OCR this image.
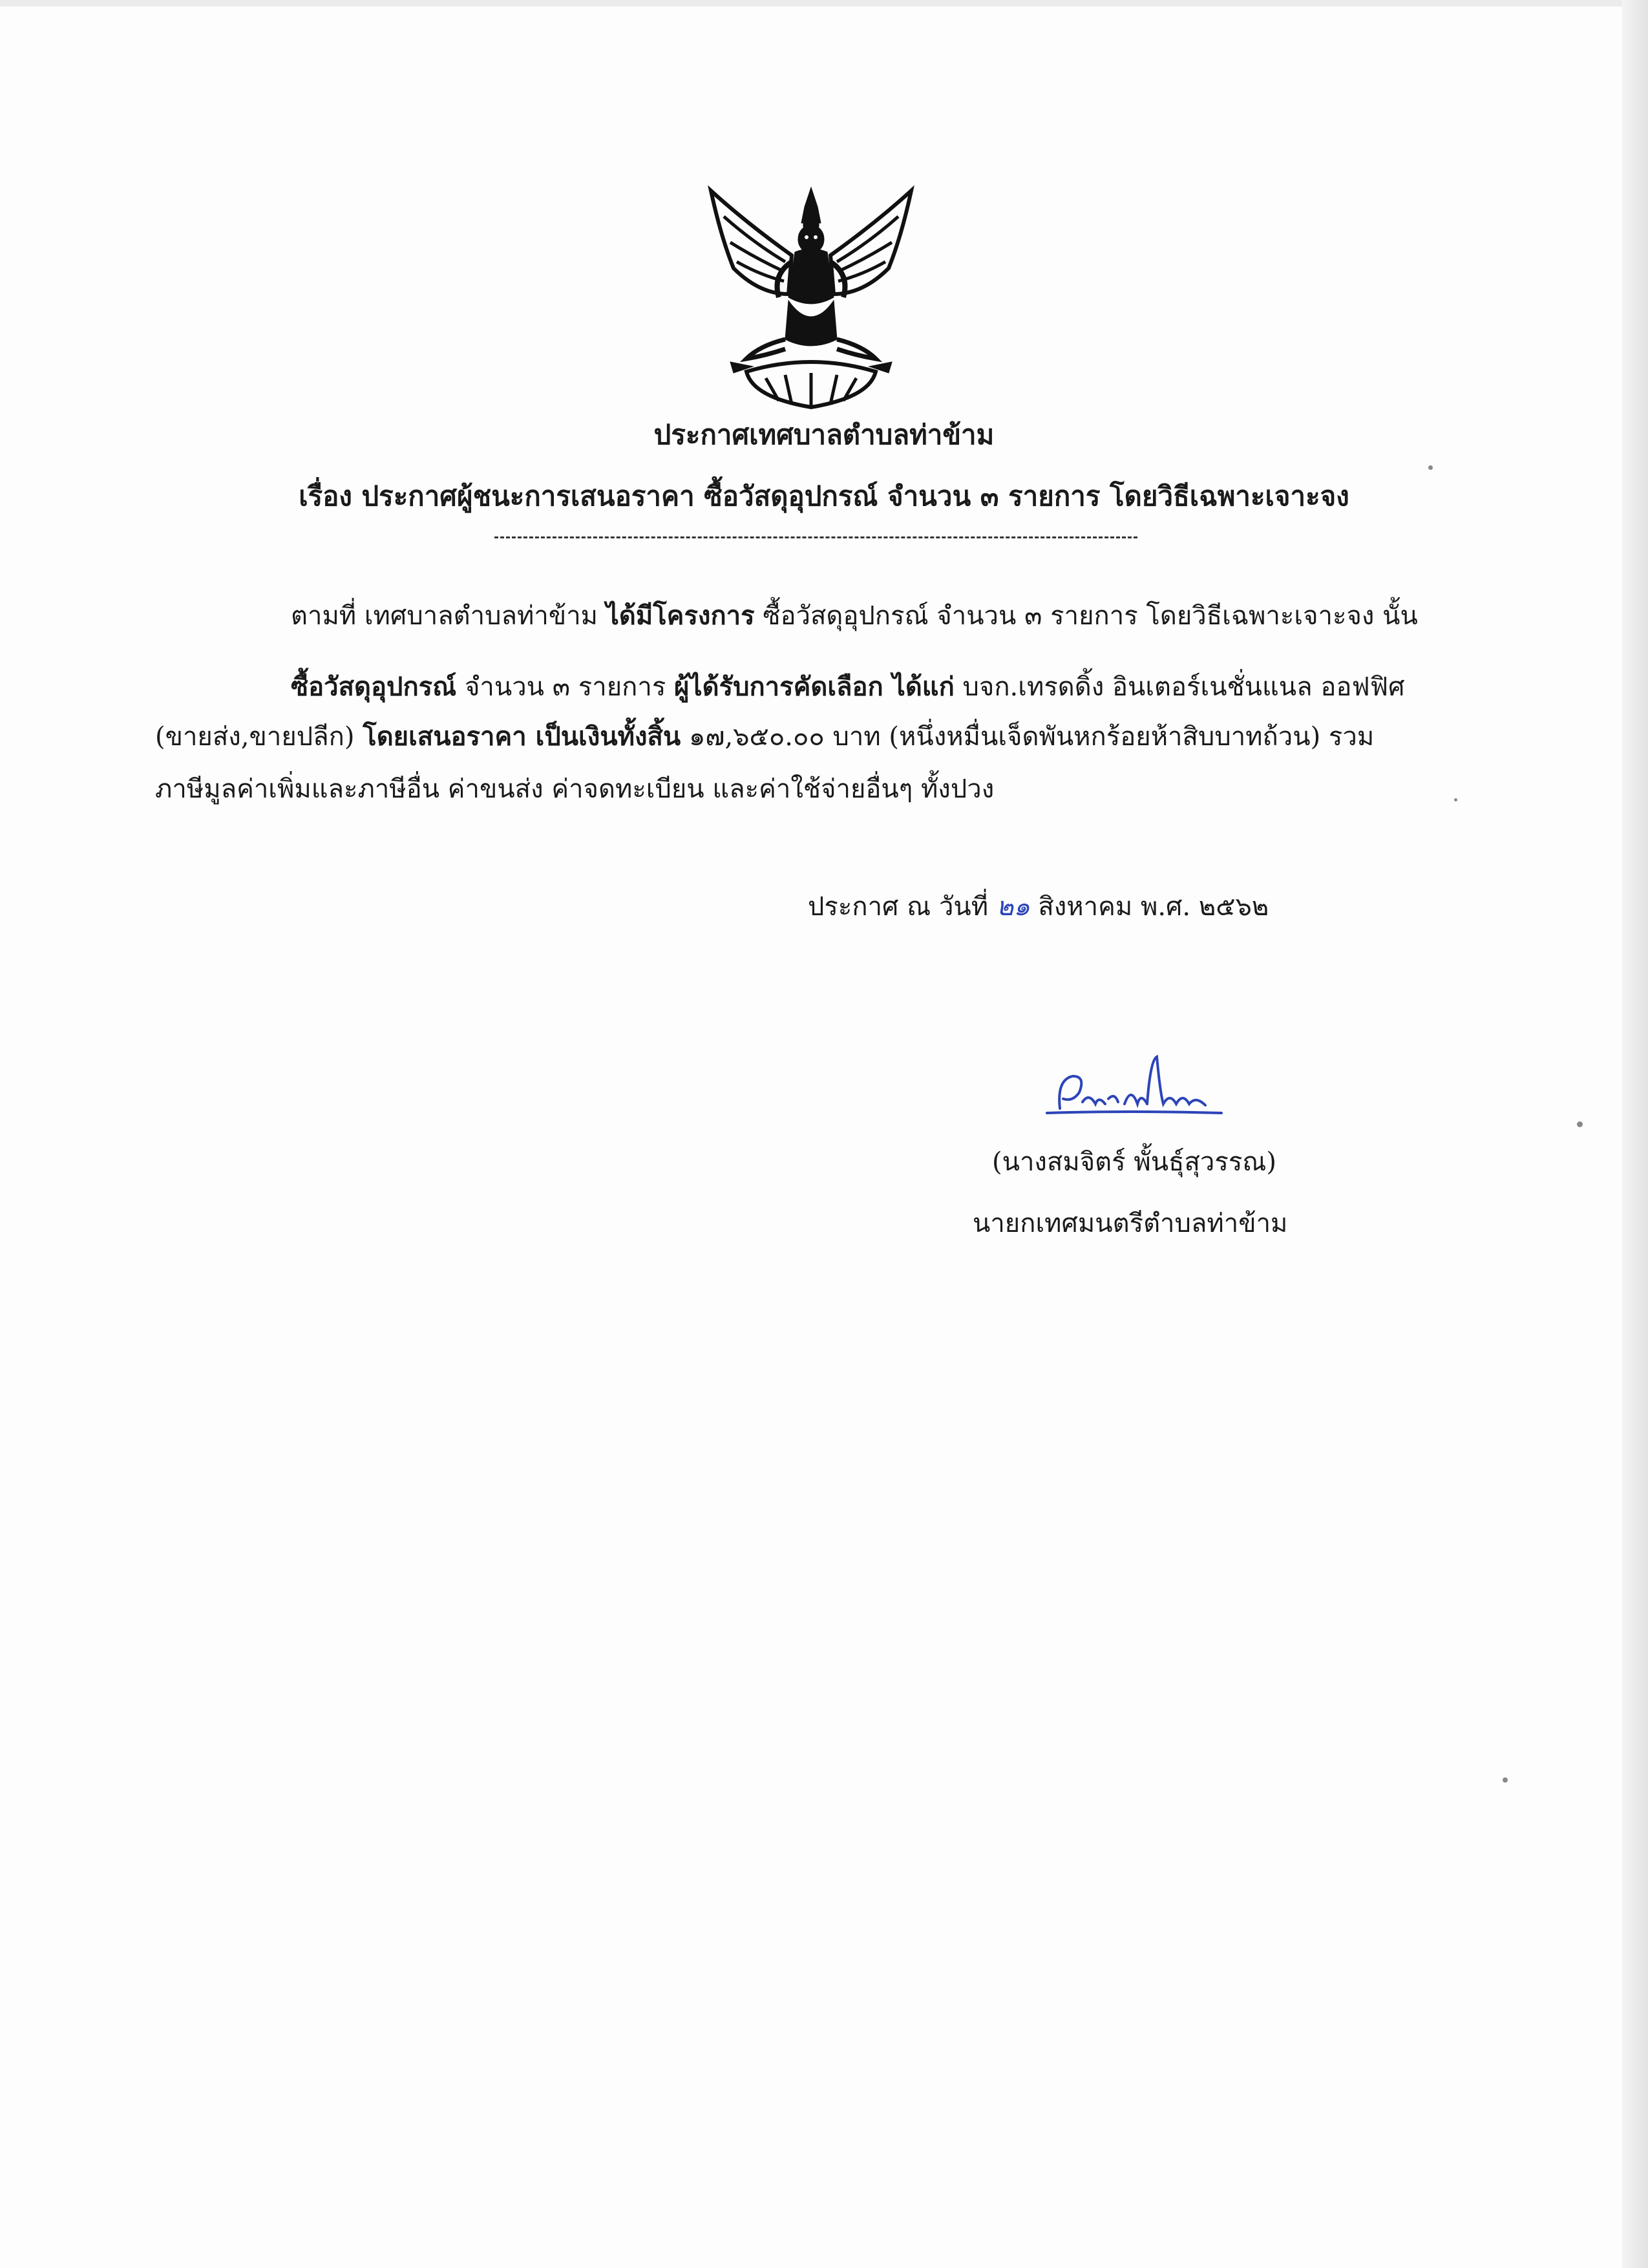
ประกาศเทศบาลตำบลท่าข้าม
เรื่อง ประกาศผู้ชนะการเสนอราคา ซื้อวัสดุอุปกรณ์ จำนวน ๓ รายการ โดยวิธีเฉพาะเจาะจง
ตามที่ เทศบาลตำบลท่าข้าม ได้มีโครงการ ซื้อวัสดุอุปกรณ์ จำนวน ๓ รายการ โดยวิธีเฉพาะเจาะจง นั้น
ซื้อวัสดุอุปกรณ์ จำนวน ๓ รายการ ผู้ได้รับการคัดเลือก ได้แก่ บจก.เทรดดิ้ง อินเตอร์เนชั่นแนล ออฟฟิศ
(ขายส่ง,ขายปลีก) โดยเสนอราคา เป็นเงินทั้งสิ้น ๑๗,๖๕๐.๐๐ บาท (หนึ่งหมื่นเจ็ดพันหกร้อยห้าสิบบาทถ้วน) รวม
ภาษีมูลค่าเพิ่มและภาษีอื่น ค่าขนส่ง ค่าจดทะเบียน และค่าใช้จ่ายอื่นๆ ทั้งปวง
ประกาศ ณ วันที่ ๒๑ สิงหาคม พ.ศ. ๒๕๖๒
(นางสมจิตร์ พั้นธุ์สุวรรณ)
นายกเทศมนตรีตำบลท่าข้าม
